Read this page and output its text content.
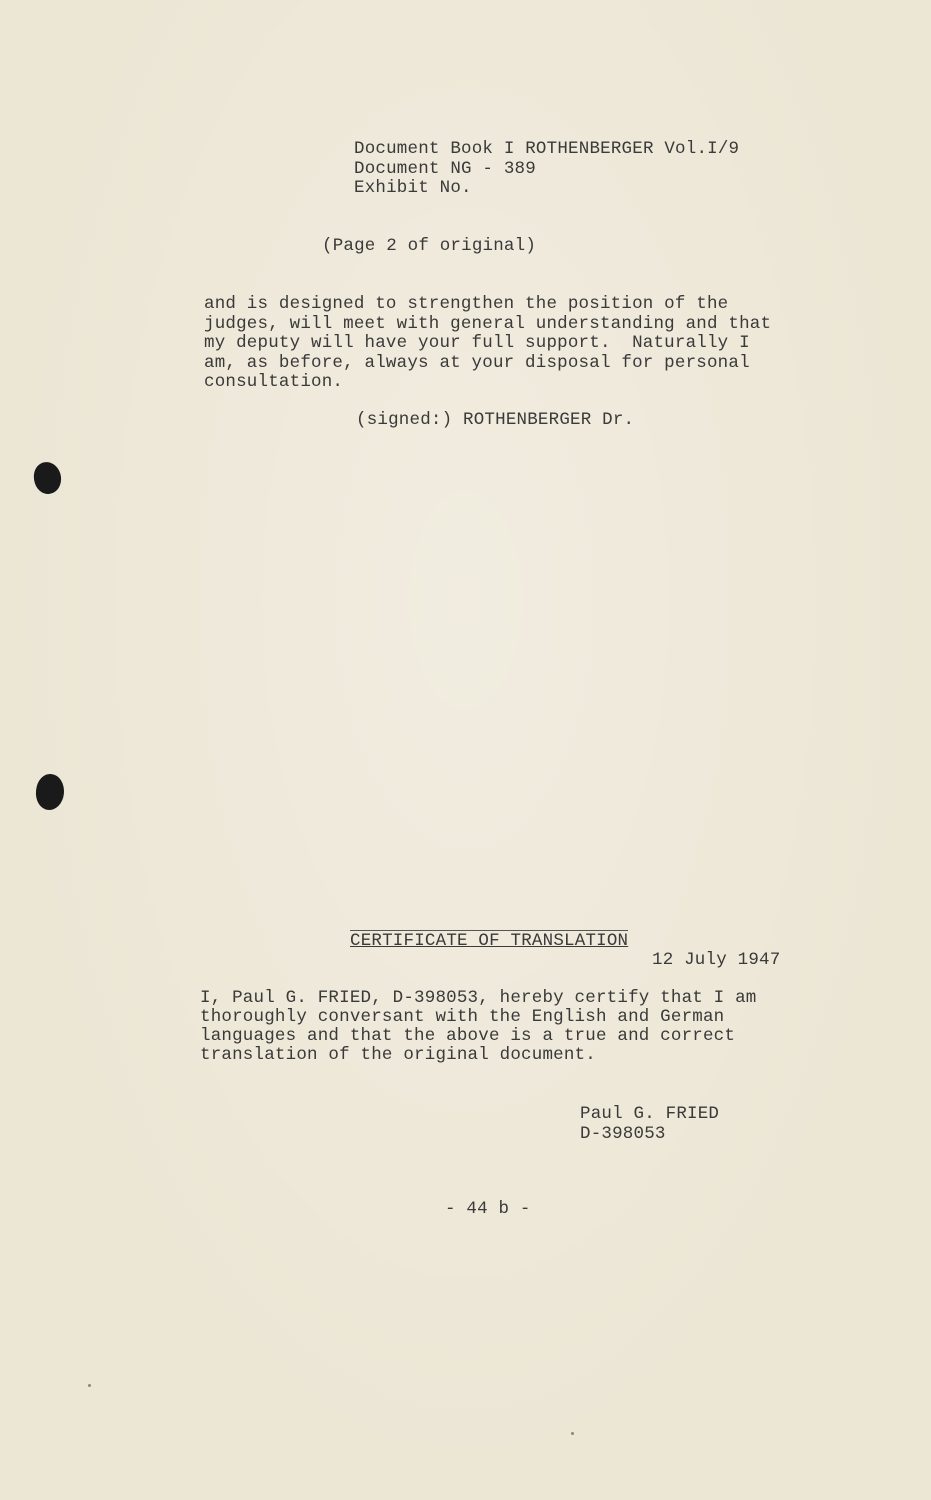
Document Book I ROTHENBERGER Vol.I/9
Document NG - 389
Exhibit No.
(Page 2 of original)
and is designed to strengthen the position of the
judges, will meet with general understanding and that
my deputy will have your full support.  Naturally I
am, as before, always at your disposal for personal
consultation.
(signed:) ROTHENBERGER Dr.
CERTIFICATE OF TRANSLATION
12 July 1947
I, Paul G. FRIED, D-398053, hereby certify that I am
thoroughly conversant with the English and German
languages and that the above is a true and correct
translation of the original document.
Paul G. FRIED
D-398053
- 44 b -
